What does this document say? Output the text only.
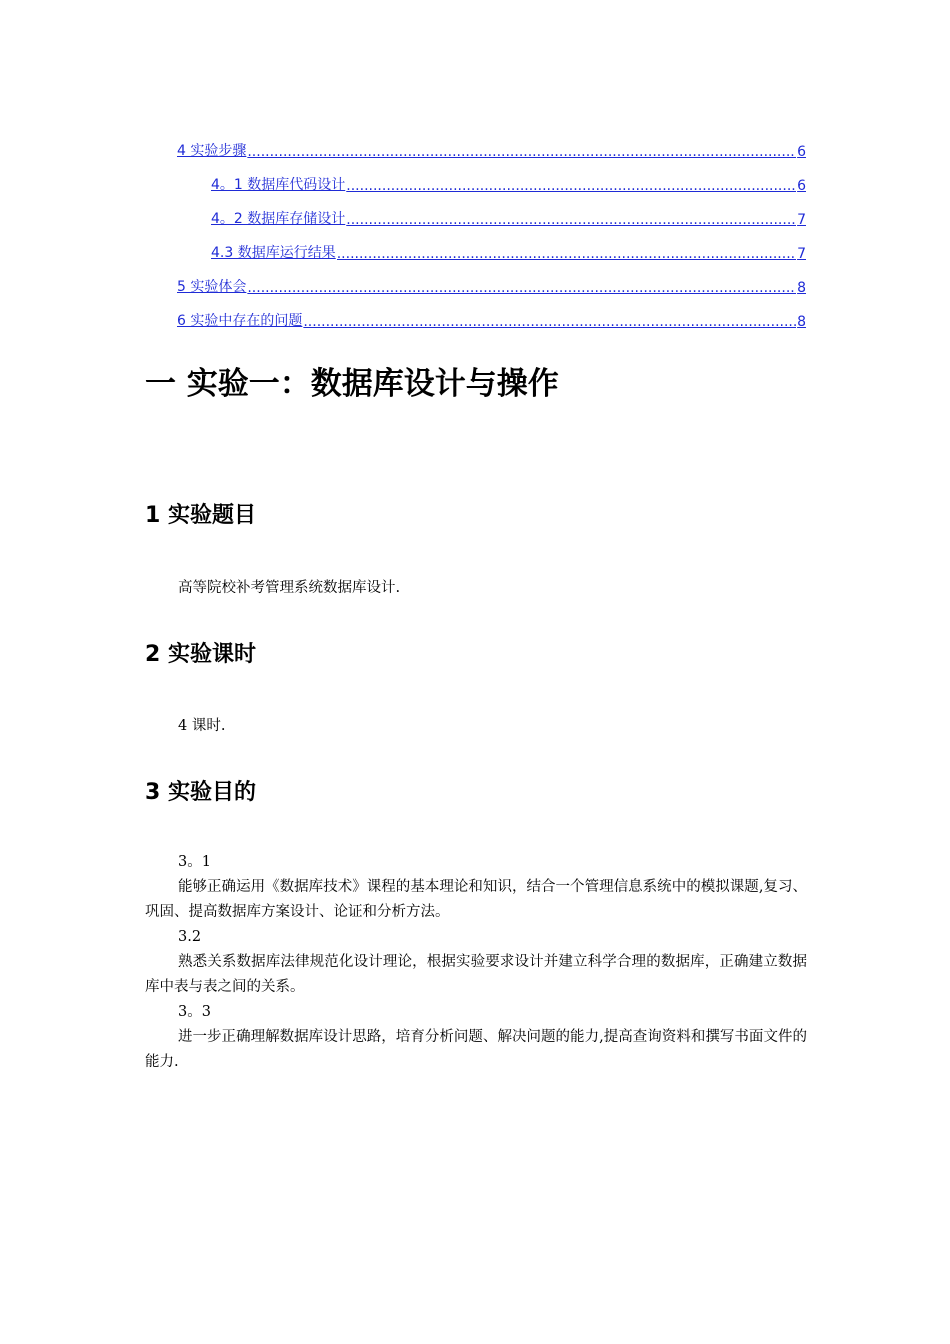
4 实验步骤 .....	6
4。1 数据库代码设计 .....	6
4。2 数据库存储设计 .....	7
4.3 数据库运行结果 .....	7
5 实验体会 .....	8
6 实验中存在的问题 .....	8
一 实验一：数据库设计与操作
1 实验题目

高等院校补考管理系统数据库设计.

2 实验课时

4 课时.

3 实验目的

3。1

能够正确运用《数据库技术》课程的基本理论和知识，结合一个管理信息系统中的模拟课题,复习、巩固、提高数据库方案设计、论证和分析方法。

3.2

熟悉关系数据库法律规范化设计理论，根据实验要求设计并建立科学合理的数据库，正确建立数据库中表与表之间的关系。

3。3

进一步正确理解数据库设计思路，培育分析问题、解决问题的能力,提高查询资料和撰写书面文件的能力.
